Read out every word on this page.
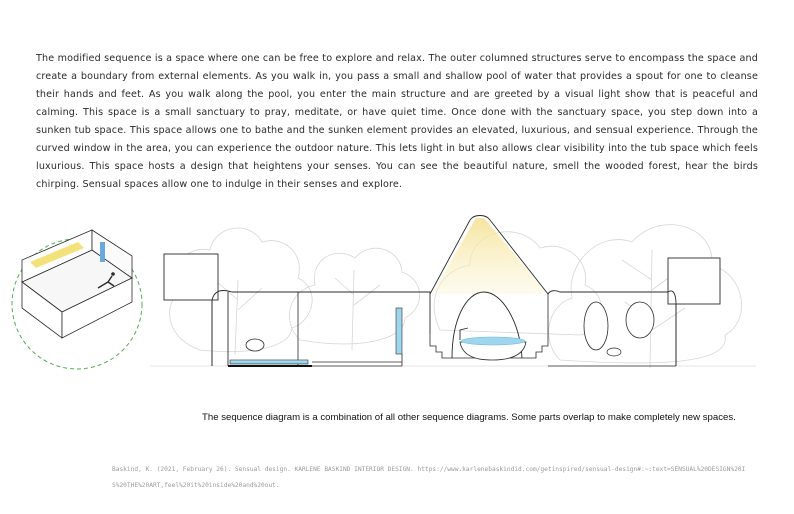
The modified sequence is a space where one can be free to explore and relax. The outer columned structures serve to encompass the space and create a boundary from external elements. As you walk in, you pass a small and shallow pool of water that provides a spout for one to cleanse their hands and feet. As you walk along the pool, you enter the main structure and are greeted by a visual light show that is peaceful and calming. This space is a small sanctuary to pray, meditate, or have quiet time. Once done with the sanctuary space, you step down into a sunken tub space. This space allows one to bathe and the sunken element provides an elevated, luxurious, and sensual experience. Through the curved window in the area, you can experience the outdoor nature. This lets light in but also allows clear visibility into the tub space which feels luxurious. This space hosts a design that heightens your senses. You can see the beautiful nature, smell the wooded forest, hear the birds chirping. Sensual spaces allow one to indulge in their senses and explore.
The sequence diagram is a combination of all other sequence diagrams. Some parts overlap to make completely new spaces.
Baskind, K. (2021, February 26). Sensual design. KARLENE BASKIND INTERIOR DESIGN. https://www.karlenebaskindid.com/getinspired/sensual-design#:~:text=SENSUAL%20DESIGN%20IS%20THE%20ART,feel%20it%20inside%20and%20out.
